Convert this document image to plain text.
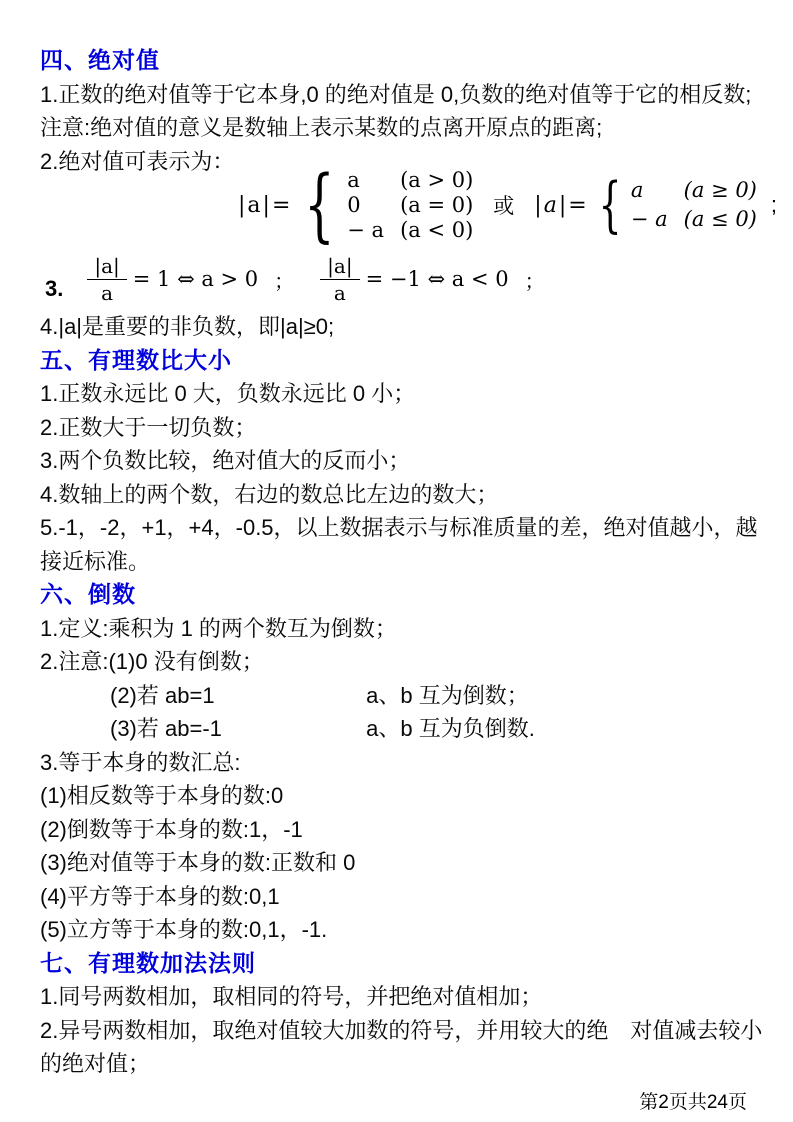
四、绝对值
1.正数的绝对值等于它本身,0 的绝对值是 0,负数的绝对值等于它的相反数;
注意:绝对值的意义是数轴上表示某数的点离开原点的距离;
2.绝对值可表示为：
|a|= { a	(a > 0)
0	(a = 0)
− a (a < 0)
或 |a|= { a	(a ≥ 0)
− a (a ≤ 0)
;
3. $\frac{|a|}{a} = 1$ ⇔ a > 0 ； $\frac{|a|}{a} = -1$ ⇔ a < 0 ；
4.|a|是重要的非负数，即|a|≥0;
五、有理数比大小
1.正数永远比 0 大，负数永远比 0 小；
2.正数大于一切负数；
3.两个负数比较，绝对值大的反而小；
4.数轴上的两个数，右边的数总比左边的数大；
5.-1，-2，+1，+4，-0.5，以上数据表示与标准质量的差，绝对值越小，越
接近标准。
六、倒数
1.定义:乘积为 1 的两个数互为倒数；
2.注意:(1)0 没有倒数；
(2)若 ab=1	a、b 互为倒数；
(3)若 ab=-1	a、b 互为负倒数.
3.等于本身的数汇总:
(1)相反数等于本身的数:0
(2)倒数等于本身的数:1，-1
(3)绝对值等于本身的数:正数和 0
(4)平方等于本身的数:0,1
(5)立方等于本身的数:0,1，-1.
七、有理数加法法则
1.同号两数相加，取相同的符号，并把绝对值相加；
2.异号两数相加，取绝对值较大加数的符号，并用较大的绝　对值减去较小
的绝对值；
第2页共24页
